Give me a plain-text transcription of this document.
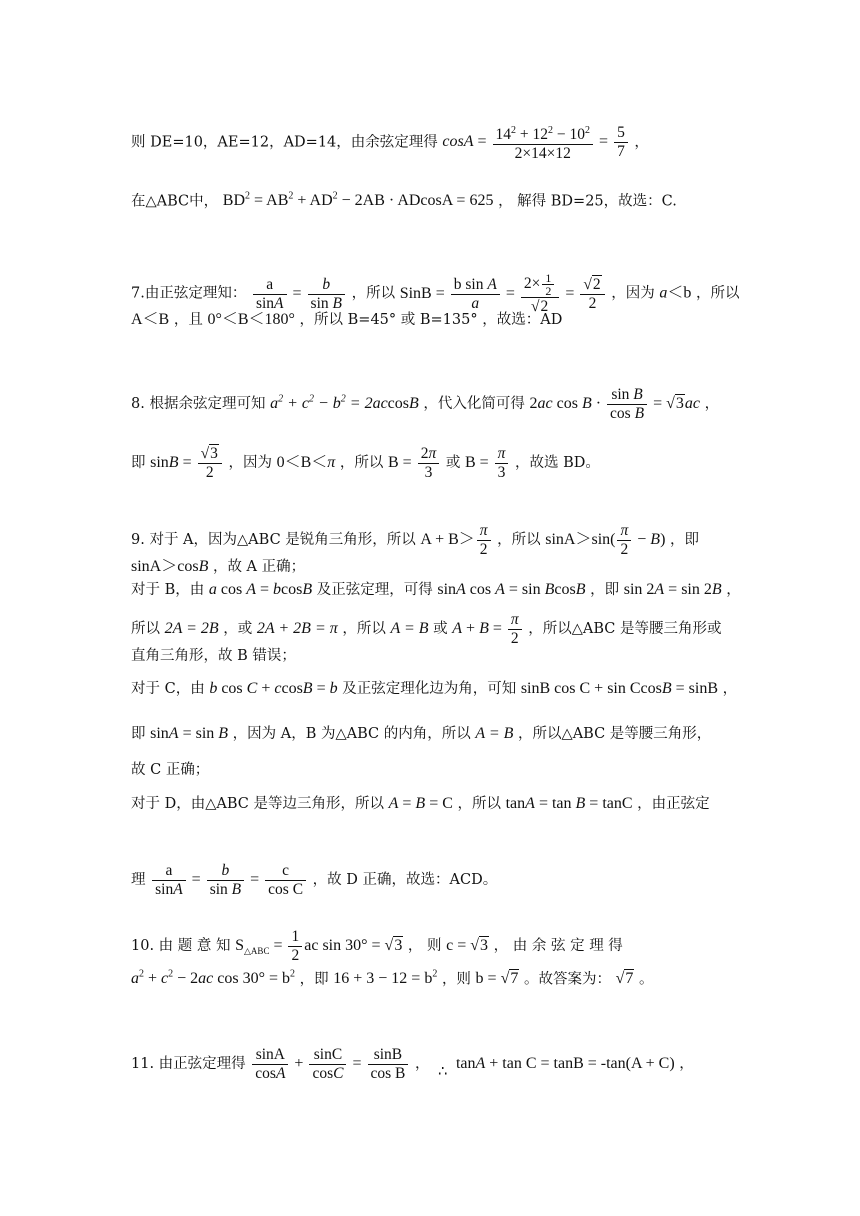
则 DE=10，AE=12，AD=14，由余弦定理得 $\cos A = \frac{14^2 + 12^2 - 10^2}{2\times 14\times 12} = \frac{5}{7}$ ，
在△ABC中， $BD^2 = AB^2 + AD^2 - 2AB \cdot ADcosA = 625$ ， 解得 BD=25，故选：C.
7.由正弦定理知： $\frac{a}{\sin A} = \frac{b}{\text{sin B}}$ ，所以 SinB = $\frac{\text{b sin A}}{a} = \frac{2\times \frac{1}{2}}{√2} = \frac{√2}{2}$ ，因为 a＜b ，所以
A＜B ，且 0°＜B＜180° ，所以 B=45° 或 B=135° ，故选：AD
8. 根据余弦定理可知 $a^2 + c^2 - b^2 = 2accosB$ ，代入化简可得 2ac $\cos B \cdot \frac{\text{sin B}}{\text{cos B}} = √3ac$ ，
即 $\sin B = \frac{√3}{2}$ ，因为 0＜B＜π ，所以 $B = \frac{2\pi}{3}$ 或 $B = \frac{\pi}{3}$ ，故选 BD。
9. 对于 A，因为△ABC 是锐角三角形，所以 $A + B> \frac{\pi}{2}$ ，所以 $\sin A>\sin( \frac{\pi}{2} - B)$ ，即
sinA＞cosB ，故 A 正确；
对于 B，由 a cos A = bcosB 及正弦定理，可得 sinA cos A = sin BcosB ，即 sin 2A = sin 2B ，
所以 2A = 2B ，或 2A + 2B = π ，所以 A = B 或 $A + B = \frac{\pi}{2}$ ，所以△ABC 是等腰三角形或
直角三角形，故 B 错误；
对于 C，由 b cos C + ccosB = b 及正弦定理化边为角，可知 sinB cos C + sin CcosB = sinB ，
即 sinA = sin B ，因为 A，B 为△ABC 的内角，所以 A = B ，所以△ABC 是等腰三角形，
故 C 正确；
对于 D，由△ABC 是等边三角形，所以 A = B = C ，所以 tanA = tan B = tanC ，由正弦定
理 $\frac{a}{\sin A} = \frac{b}{\text{sin B}} = \frac{c}{\text{cos C}}$ ，故 D 正确，故选：ACD。
10. 由 题 意 知 $S_{\triangle ABC} = \frac{1}{2}$ ac sin 30° = √3 ， 则 c = √3 ， 由 余 弦 定 理 得
$a^2 + c^2 - 2ac$ $\cos 30^\circ = b^2$ ，即 $16 + 3 - 12 = b^2$ ，则 b = √7 。故答案为： √7 。
11. 由正弦定理得 $\frac{\sin A}{\cos A} + \frac{\sin C}{\cos C} = \frac{\sin B}{\text{cos B}}$ ， ∴ tanA + tan C = tanB = -tan(A + C) ，
